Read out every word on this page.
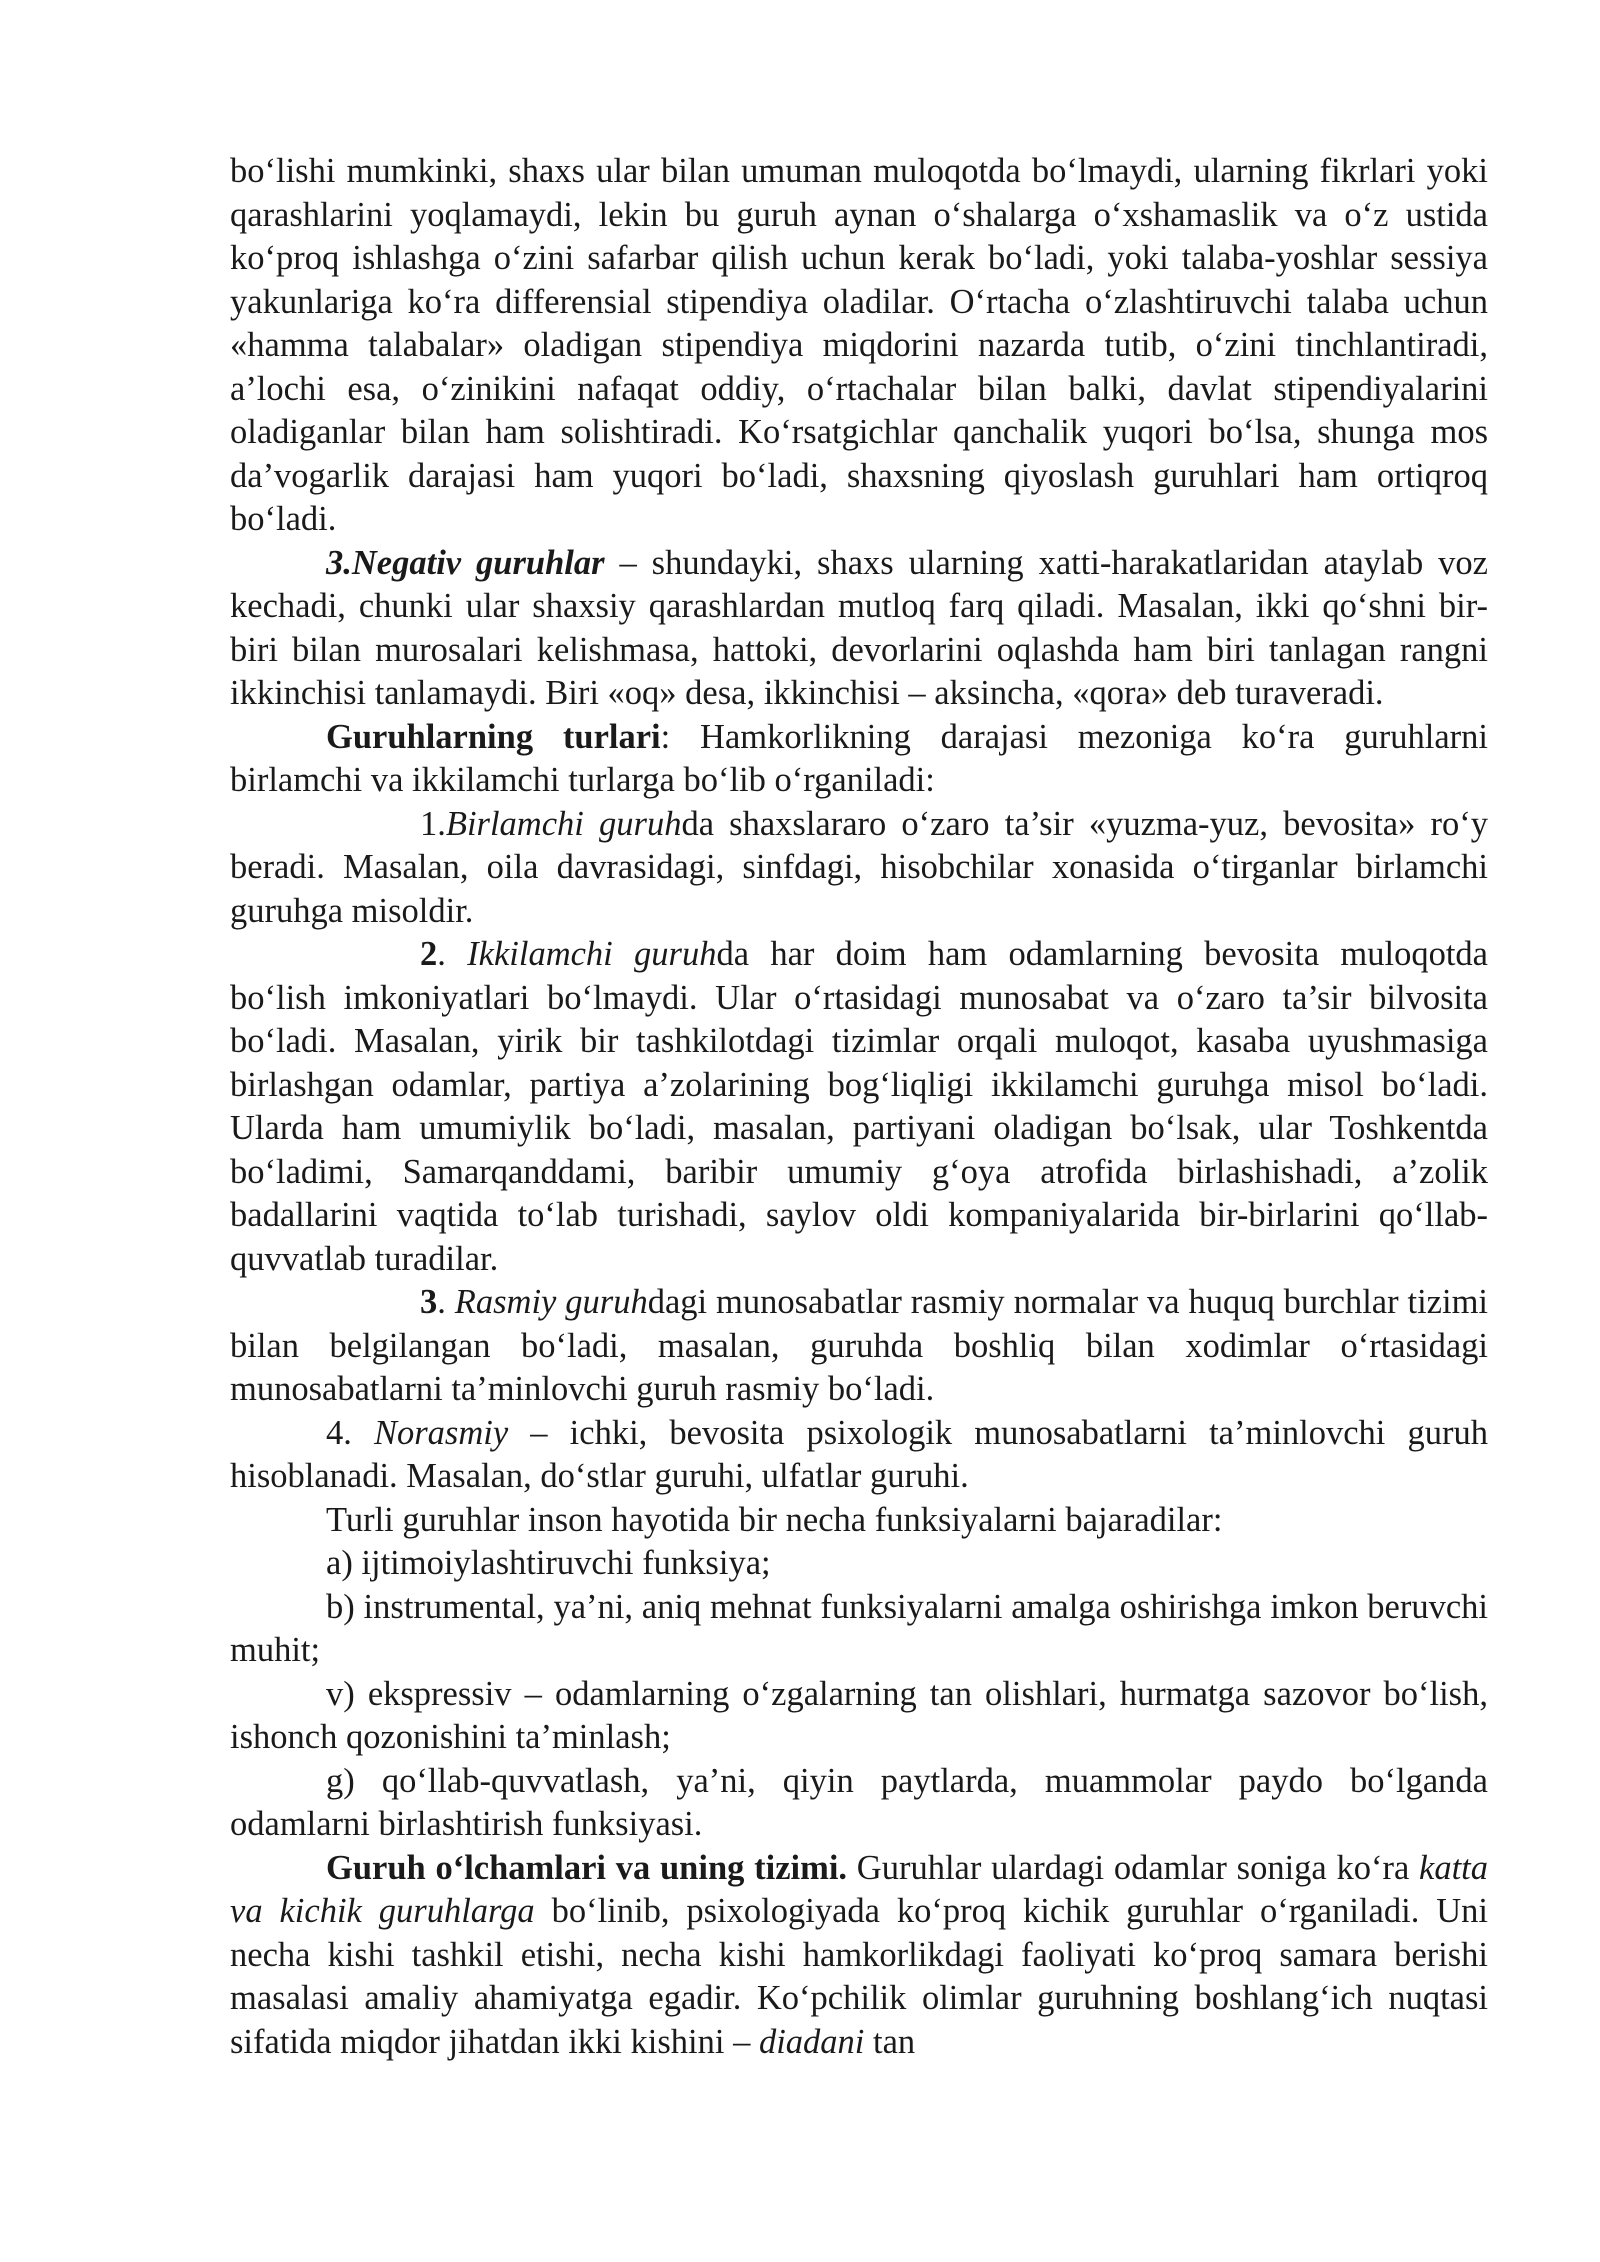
boʻlishi mumkinki, shaxs ular bilan umuman muloqotda boʻlmaydi, ularning fikrlari yoki qarashlarini yoqlamaydi, lekin bu guruh aynan oʻshalarga oʻxshamaslik va oʻz ustida koʻproq ishlashga oʻzini safarbar qilish uchun kerak boʻladi, yoki talaba-yoshlar sessiya yakunlariga koʻra differensial stipendiya oladilar. Oʻrtacha oʻzlashtiruvchi talaba uchun «hamma talabalar» oladigan stipendiya miqdorini nazarda tutib, oʻzini tinchlantiradi, a’lochi esa, oʻzinikini nafaqat oddiy, oʻrtachalar bilan balki, davlat stipendiyalarini oladiganlar bilan ham solishtiradi. Koʻrsatgichlar qanchalik yuqori boʻlsa, shunga mos da’vogarlik darajasi ham yuqori boʻladi, shaxsning qiyoslash guruhlari ham ortiqroq boʻladi.

3.Negativ guruhlar – shundayki, shaxs ularning xatti-harakatlaridan ataylab voz kechadi, chunki ular shaxsiy qarashlardan mutloq farq qiladi. Masalan, ikki qoʻshni bir-biri bilan murosalari kelishmasa, hattoki, devorlarini oqlashda ham biri tanlagan rangni ikkinchisi tanlamaydi. Biri «oq» desa, ikkinchisi – aksincha, «qora» deb turaveradi.

Guruhlarning turlari: Hamkorlikning darajasi mezoniga koʻra guruhlarni birlamchi va ikkilamchi turlarga boʻlib oʻrganiladi:

1.Birlamchi guruhda shaxslararo oʻzaro ta’sir «yuzma-yuz, bevosita» roʻy beradi. Masalan, oila davrasidagi, sinfdagi, hisobchilar xonasida oʻtirganlar birlamchi guruhga misoldir.

2. Ikkilamchi guruhda har doim ham odamlarning bevosita muloqotda boʻlish imkoniyatlari boʻlmaydi. Ular oʻrtasidagi munosabat va oʻzaro ta’sir bilvosita boʻladi. Masalan, yirik bir tashkilotdagi tizimlar orqali muloqot, kasaba uyushmasiga birlashgan odamlar, partiya a’zolarining bogʻliqligi ikkilamchi guruhga misol boʻladi. Ularda ham umumiylik boʻladi, masalan, partiyani oladigan boʻlsak, ular Toshkentda boʻladimi, Samarqanddami, baribir umumiy gʻoya atrofida birlashishadi, a’zolik badallarini vaqtida toʻlab turishadi, saylov oldi kompaniyalarida bir-birlarini qoʻllab-quvvatlab turadilar.

3. Rasmiy guruhdagi munosabatlar rasmiy normalar va huquq burchlar tizimi bilan belgilangan boʻladi, masalan, guruhda boshliq bilan xodimlar oʻrtasidagi munosabatlarni ta’minlovchi guruh rasmiy boʻladi.

4. Norasmiy – ichki, bevosita psixologik munosabatlarni ta’minlovchi guruh hisoblanadi. Masalan, doʻstlar guruhi, ulfatlar guruhi.

Turli guruhlar inson hayotida bir necha funksiyalarni bajaradilar:

a) ijtimoiylashtiruvchi funksiya;

b) instrumental, ya’ni, aniq mehnat funksiyalarni amalga oshirishga imkon beruvchi muhit;

v) ekspressiv – odamlarning oʻzgalarning tan olishlari, hurmatga sazovor boʻlish, ishonch qozonishini ta’minlash;

g) qoʻllab-quvvatlash, ya’ni, qiyin paytlarda, muammolar paydo boʻlganda odamlarni birlashtirish funksiyasi.

Guruh oʻlchamlari va uning tizimi. Guruhlar ulardagi odamlar soniga koʻra katta va kichik guruhlarga boʻlinib, psixologiyada koʻproq kichik guruhlar oʻrganiladi. Uni necha kishi tashkil etishi, necha kishi hamkorlikdagi faoliyati koʻproq samara berishi masalasi amaliy ahamiyatga egadir. Koʻpchilik olimlar guruhning boshlangʻich nuqtasi sifatida miqdor jihatdan ikki kishini – diadani tan
